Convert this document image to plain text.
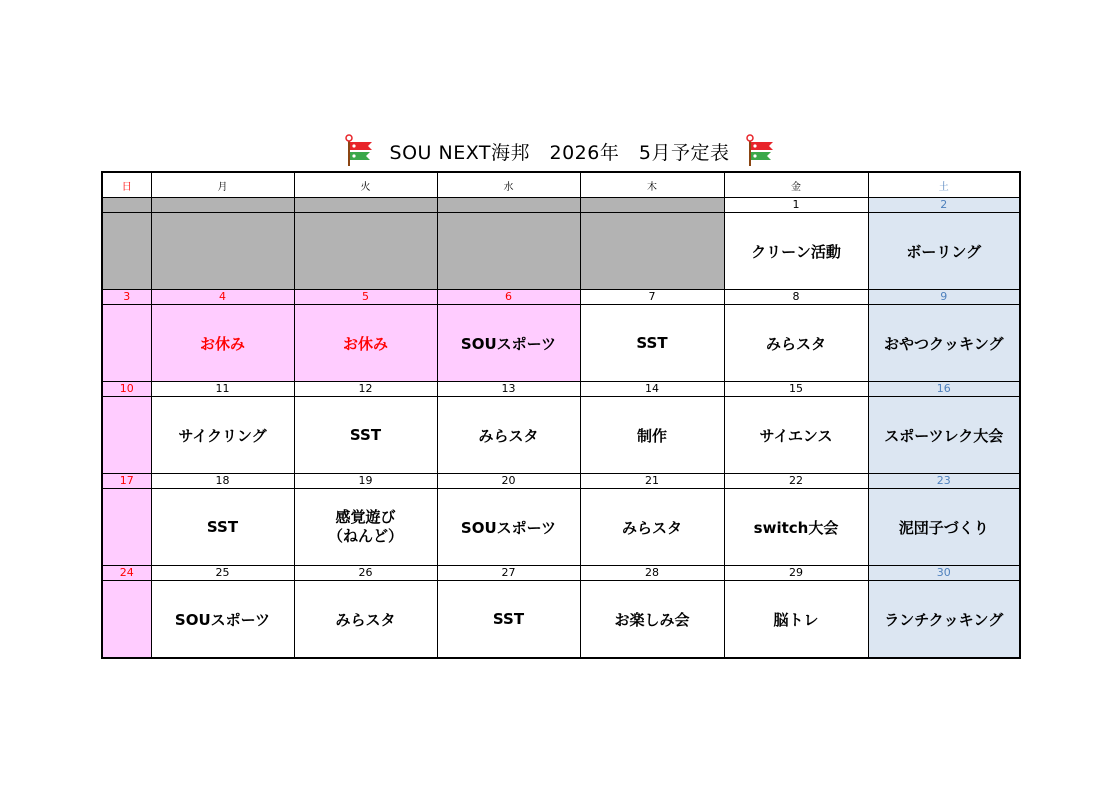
SOU NEXT海邦　2026年　5月予定表
日	月	火	水	木	金	土
					1	2
					クリーン活動	ボーリング
3	4	5	6	7	8	9
	お休み	お休み	SOUスポーツ	SST	みらスタ	おやつクッキング
10	11	12	13	14	15	16
	サイクリング	SST	みらスタ	制作	サイエンス	スポーツレク大会
17	18	19	20	21	22	23
	SST	感覚遊び
（ねんど）	SOUスポーツ	みらスタ	switch大会	泥団子づくり
24	25	26	27	28	29	30
	SOUスポーツ	みらスタ	SST	お楽しみ会	脳トレ	ランチクッキング
